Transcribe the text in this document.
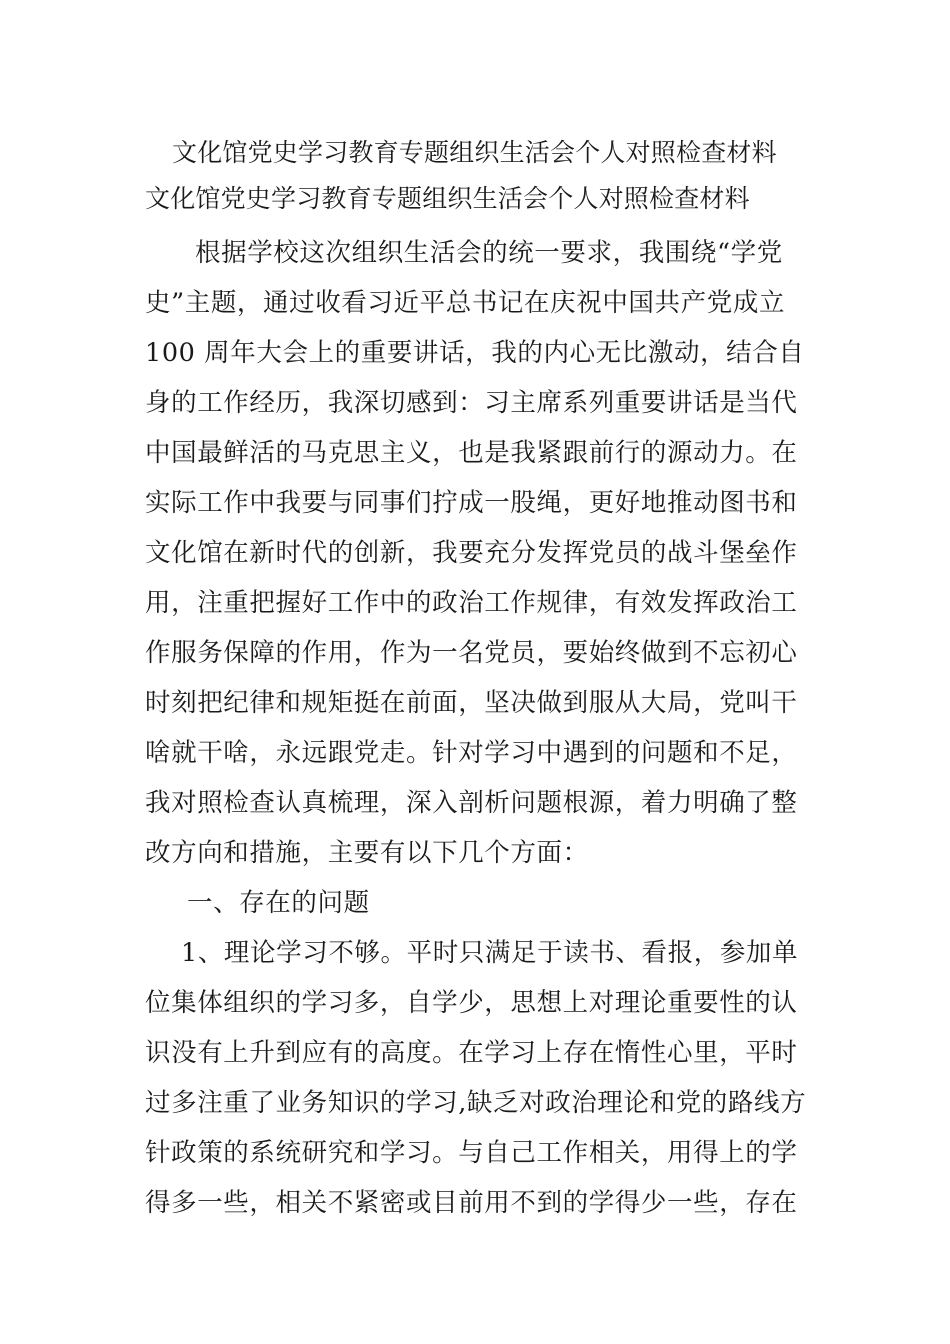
文化馆党史学习教育专题组织生活会个人对照检查材料
文化馆党史学习教育专题组织生活会个人对照检查材料
根据学校这次组织生活会的统一要求，我围绕“学党
史”主题，通过收看习近平总书记在庆祝中国共产党成立
100 周年大会上的重要讲话，我的内心无比激动，结合自
身的工作经历，我深切感到：习主席系列重要讲话是当代
中国最鲜活的马克思主义，也是我紧跟前行的源动力。在
实际工作中我要与同事们拧成一股绳，更好地推动图书和
文化馆在新时代的创新，我要充分发挥党员的战斗堡垒作
用，注重把握好工作中的政治工作规律，有效发挥政治工
作服务保障的作用，作为一名党员，要始终做到不忘初心
时刻把纪律和规矩挺在前面，坚决做到服从大局，党叫干
啥就干啥，永远跟党走。针对学习中遇到的问题和不足，
我对照检查认真梳理，深入剖析问题根源，着力明确了整
改方向和措施，主要有以下几个方面：
一、存在的问题
1、理论学习不够。平时只满足于读书、看报，参加单
位集体组织的学习多，自学少，思想上对理论重要性的认
识没有上升到应有的高度。在学习上存在惰性心里，平时
过多注重了业务知识的学习,缺乏对政治理论和党的路线方
针政策的系统研究和学习。与自己工作相关，用得上的学
得多一些，相关不紧密或目前用不到的学得少一些，存在
